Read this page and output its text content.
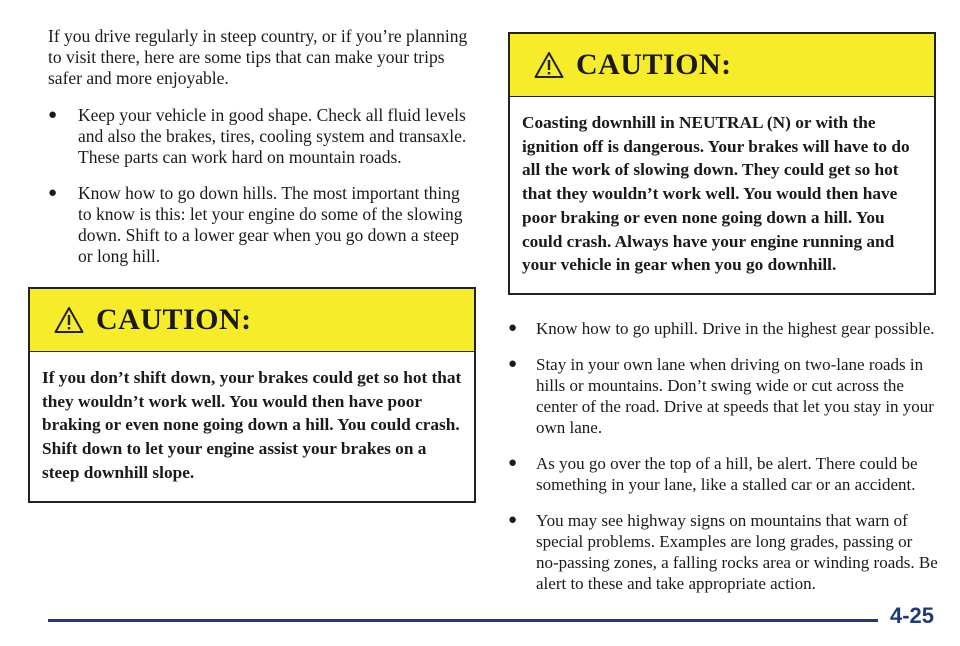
If you drive regularly in steep country, or if you’re planning to visit there, here are some tips that can make your trips safer and more enjoyable.

● Keep your vehicle in good shape. Check all fluid levels and also the brakes, tires, cooling system and transaxle. These parts can work hard on mountain roads.
● Know how to go down hills. The most important thing to know is this: let your engine do some of the slowing down. Shift to a lower gear when you go down a steep or long hill.
CAUTION:
If you don’t shift down, your brakes could get so hot that they wouldn’t work well. You would then have poor braking or even none going down a hill. You could crash. Shift down to let your engine assist your brakes on a steep downhill slope.
CAUTION:
Coasting downhill in NEUTRAL (N) or with the ignition off is dangerous. Your brakes will have to do all the work of slowing down. They could get so hot that they wouldn’t work well. You would then have poor braking or even none going down a hill. You could crash. Always have your engine running and your vehicle in gear when you go downhill.
● Know how to go uphill. Drive in the highest gear possible.
● Stay in your own lane when driving on two-lane roads in hills or mountains. Don’t swing wide or cut across the center of the road. Drive at speeds that let you stay in your own lane.
● As you go over the top of a hill, be alert. There could be something in your lane, like a stalled car or an accident.
● You may see highway signs on mountains that warn of special problems. Examples are long grades, passing or no-passing zones, a falling rocks area or winding roads. Be alert to these and take appropriate action.
4-25
